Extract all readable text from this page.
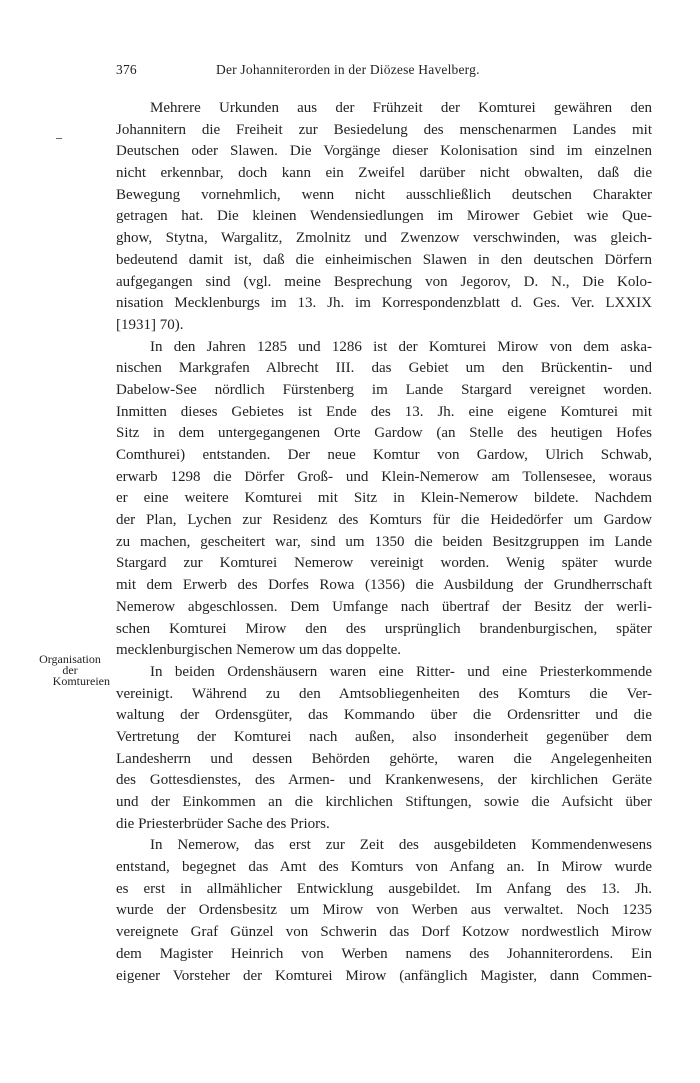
376	Der Johanniterorden in der Diözese Havelberg.
Organisation
der
Komtureien
Mehrere Urkunden aus der Frühzeit der Komturei gewähren den
Johannitern die Freiheit zur Besiedelung des menschenarmen Landes mit
Deutschen oder Slawen. Die Vorgänge dieser Kolonisation sind im einzelnen
nicht erkennbar, doch kann ein Zweifel darüber nicht obwalten, daß die
Bewegung vornehmlich, wenn nicht ausschließlich deutschen Charakter
getragen hat. Die kleinen Wendensiedlungen im Mirower Gebiet wie Que-
ghow, Stytna, Wargalitz, Zmolnitz und Zwenzow verschwinden, was gleich-
bedeutend damit ist, daß die einheimischen Slawen in den deutschen Dörfern
aufgegangen sind (vgl. meine Besprechung von Jegorov, D. N., Die Kolo-
nisation Mecklenburgs im 13. Jh. im Korrespondenzblatt d. Ges. Ver. LXXIX
[1931] 70).
In den Jahren 1285 und 1286 ist der Komturei Mirow von dem aska-
nischen Markgrafen Albrecht III. das Gebiet um den Brückentin- und
Dabelow-See nördlich Fürstenberg im Lande Stargard vereignet worden.
Inmitten dieses Gebietes ist Ende des 13. Jh. eine eigene Komturei mit
Sitz in dem untergegangenen Orte Gardow (an Stelle des heutigen Hofes
Comthurei) entstanden. Der neue Komtur von Gardow, Ulrich Schwab,
erwarb 1298 die Dörfer Groß- und Klein-Nemerow am Tollensesee, woraus
er eine weitere Komturei mit Sitz in Klein-Nemerow bildete. Nachdem
der Plan, Lychen zur Residenz des Komturs für die Heidedörfer um Gardow
zu machen, gescheitert war, sind um 1350 die beiden Besitzgruppen im Lande
Stargard zur Komturei Nemerow vereinigt worden. Wenig später wurde
mit dem Erwerb des Dorfes Rowa (1356) die Ausbildung der Grundherrschaft
Nemerow abgeschlossen. Dem Umfange nach übertraf der Besitz der werli-
schen Komturei Mirow den des ursprünglich brandenburgischen, später
mecklenburgischen Nemerow um das doppelte.
In beiden Ordenshäusern waren eine Ritter- und eine Priesterkommende
vereinigt. Während zu den Amtsobliegenheiten des Komturs die Ver-
waltung der Ordensgüter, das Kommando über die Ordensritter und die
Vertretung der Komturei nach außen, also insonderheit gegenüber dem
Landesherrn und dessen Behörden gehörte, waren die Angelegenheiten
des Gottesdienstes, des Armen- und Krankenwesens, der kirchlichen Geräte
und der Einkommen an die kirchlichen Stiftungen, sowie die Aufsicht über
die Priesterbrüder Sache des Priors.
In Nemerow, das erst zur Zeit des ausgebildeten Kommendenwesens
entstand, begegnet das Amt des Komturs von Anfang an. In Mirow wurde
es erst in allmählicher Entwicklung ausgebildet. Im Anfang des 13. Jh.
wurde der Ordensbesitz um Mirow von Werben aus verwaltet. Noch 1235
vereignete Graf Günzel von Schwerin das Dorf Kotzow nordwestlich Mirow
dem Magister Heinrich von Werben namens des Johanniterordens. Ein
eigener Vorsteher der Komturei Mirow (anfänglich Magister, dann Commen-
